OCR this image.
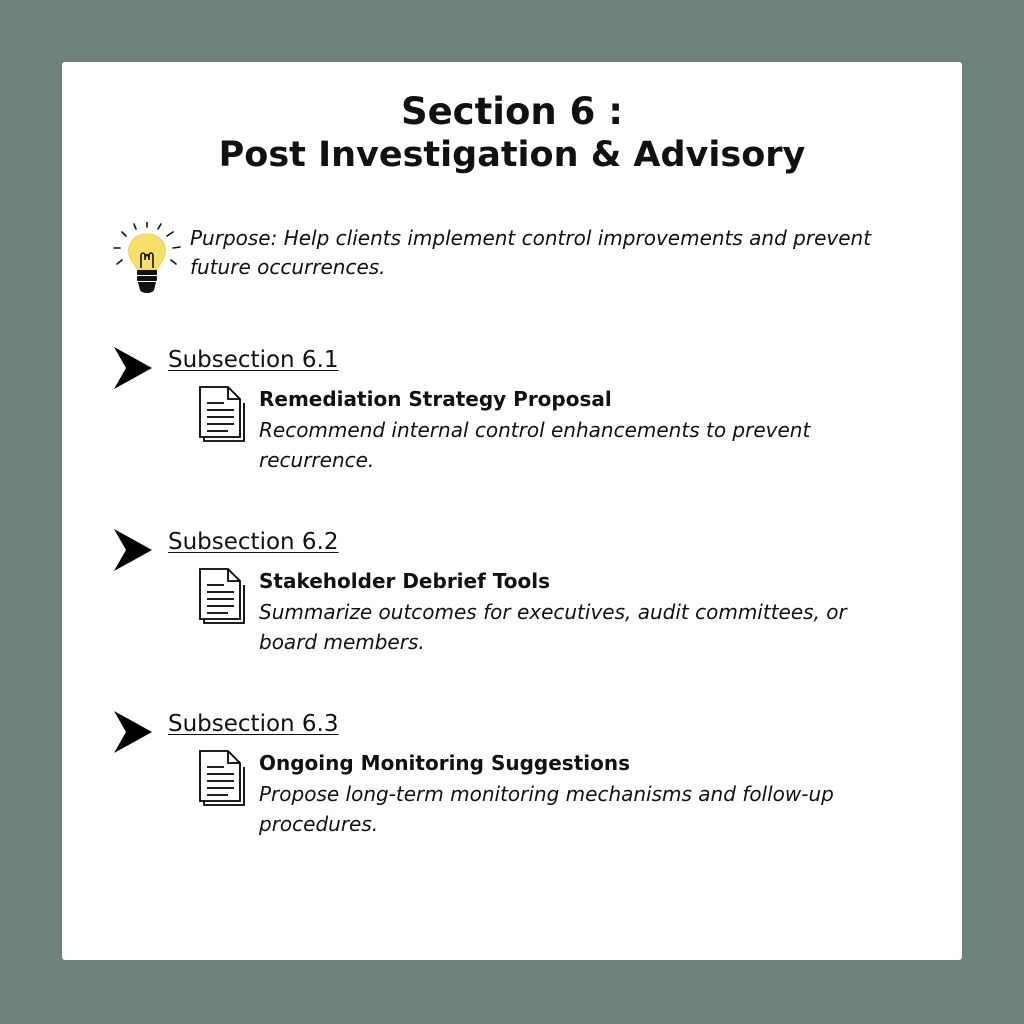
Section 6 :
Post Investigation & Advisory

Purpose: Help clients implement control improvements and prevent future occurrences.

Subsection 6.1

Remediation Strategy Proposal

Recommend internal control enhancements to prevent recurrence.

Subsection 6.2

Stakeholder Debrief Tools

Summarize outcomes for executives, audit committees, or board members.

Subsection 6.3

Ongoing Monitoring Suggestions

Propose long-term monitoring mechanisms and follow-up procedures.
